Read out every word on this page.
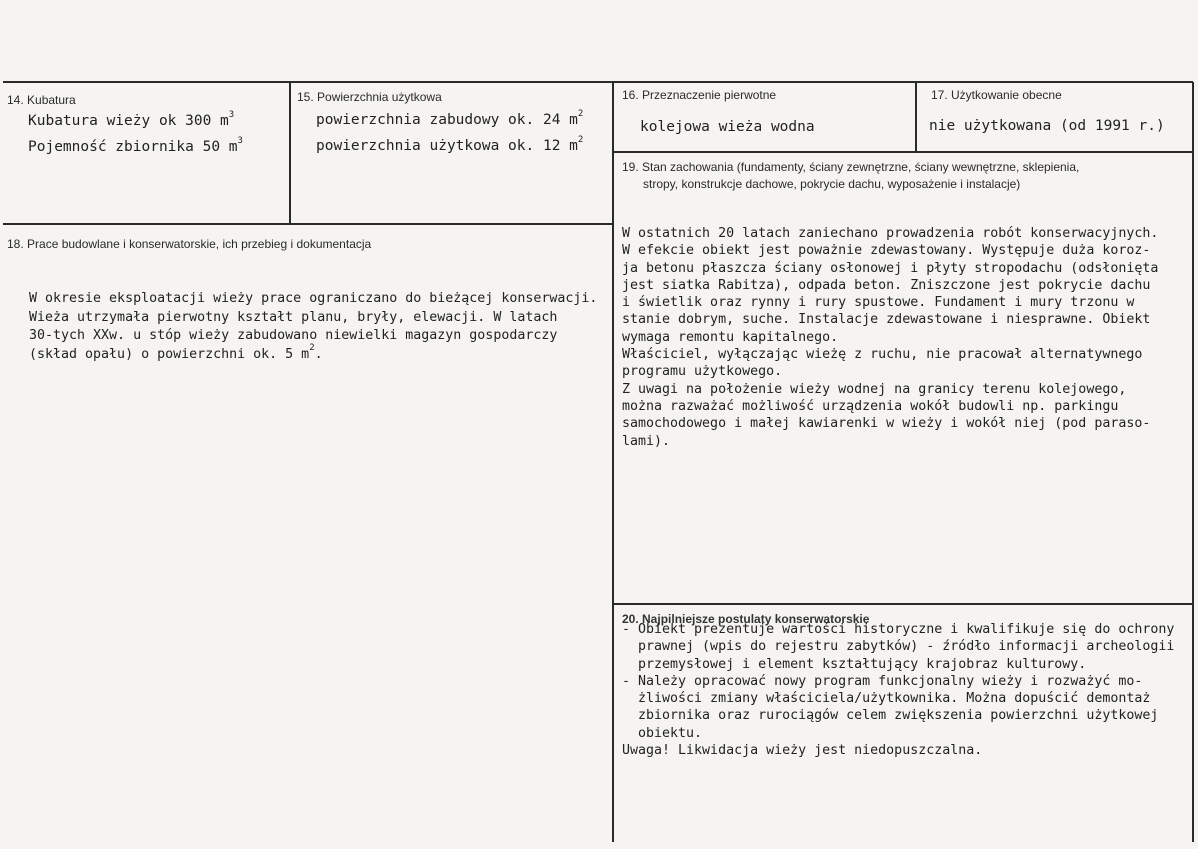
14. Kubatura
Kubatura wieży ok 300 $m^3$
Pojemność zbiornika 50 $m^3$
15. Powierzchnia użytkowa
powierzchnia zabudowy ok. 24 $m^2$
powierzchnia użytkowa ok. 12 $m^2$
16. Przeznaczenie pierwotne
kolejowa wieża wodna
17. Użytkowanie obecne
nie użytkowana (od 1991 r.)
18. Prace budowlane i konserwatorskie, ich przebieg i dokumentacja
W okresie eksploatacji wieży prace ograniczano do bieżącej konserwacji.
Wieża utrzymała pierwotny kształt planu, bryły, elewacji. W latach
30-tych XXw. u stóp wieży zabudowano niewielki magazyn gospodarczy
(skład opału) o powierzchni ok. 5 $m^2$.
19. Stan zachowania (fundamenty, ściany zewnętrzne, ściany wewnętrzne, sklepienia,
stropy, konstrukcje dachowe, pokrycie dachu, wyposażenie i instalacje)
W ostatnich 20 latach zaniechano prowadzenia robót konserwacyjnych.
W efekcie obiekt jest poważnie zdewastowany. Występuje duża koroz-
ja betonu płaszcza ściany osłonowej i płyty stropodachu (odsłonięta
jest siatka Rabitza), odpada beton. Zniszczone jest pokrycie dachu
i świetlik oraz rynny i rury spustowe. Fundament i mury trzonu w
stanie dobrym, suche. Instalacje zdewastowane i niesprawne. Obiekt
wymaga remontu kapitalnego.
Właściciel, wyłączając wieżę z ruchu, nie pracował alternatywnego
programu użytkowego.
Z uwagi na położenie wieży wodnej na granicy terenu kolejowego,
można razważać możliwość urządzenia wokół budowli np. parkingu
samochodowego i małej kawiarenki w wieży i wokół niej (pod paraso-
lami).
20. Najpilniejsze postulaty konserwatorskie
- Obiekt prezentuje wartości historyczne i kwalifikuje się do ochrony
prawnej (wpis do rejestru zabytków) - źródło informacji archeologii
przemysłowej i element kształtujący krajobraz kulturowy.
- Należy opracować nowy program funkcjonalny wieży i rozważyć mo-
żliwości zmiany właściciela/użytkownika. Można dopuścić demontaż
zbiornika oraz rurociągów celem zwiększenia powierzchni użytkowej
obiektu.
Uwaga! Likwidacja wieży jest niedopuszczalna.
